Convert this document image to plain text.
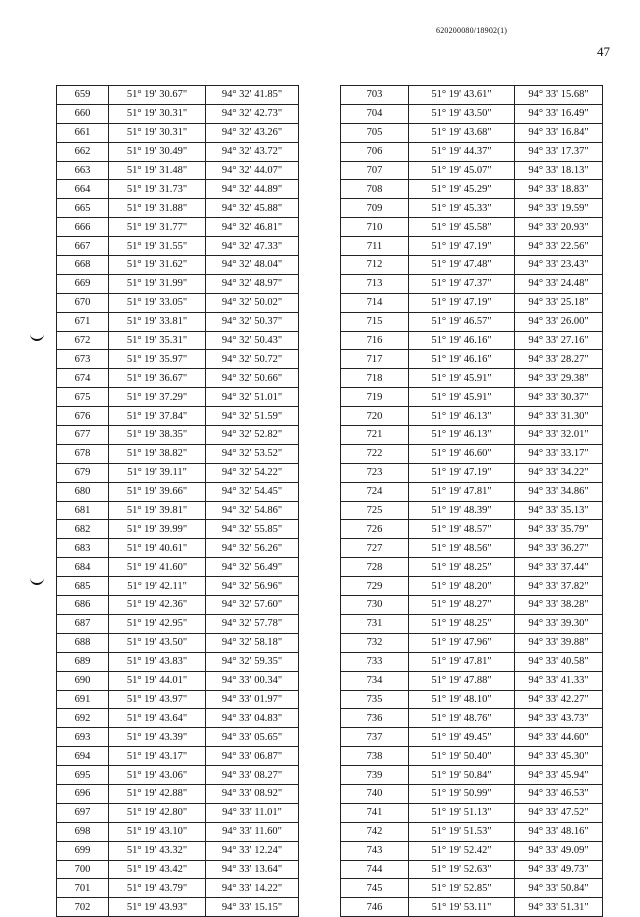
620200080/18902(1)
47
659	51° 19' 30.67"	94° 32' 41.85"
660	51° 19' 30.31"	94° 32' 42.73"
661	51° 19' 30.31"	94° 32' 43.26"
662	51° 19' 30.49"	94° 32' 43.72"
663	51° 19' 31.48"	94° 32' 44.07"
664	51° 19' 31.73"	94° 32' 44.89"
665	51° 19' 31.88"	94° 32' 45.88"
666	51° 19' 31.77"	94° 32' 46.81"
667	51° 19' 31.55"	94° 32' 47.33"
668	51° 19' 31.62"	94° 32' 48.04"
669	51° 19' 31.99"	94° 32' 48.97"
670	51° 19' 33.05"	94° 32' 50.02"
671	51° 19' 33.81"	94° 32' 50.37"
672	51° 19' 35.31"	94° 32' 50.43"
673	51° 19' 35.97"	94° 32' 50.72"
674	51° 19' 36.67"	94° 32' 50.66"
675	51° 19' 37.29"	94° 32' 51.01"
676	51° 19' 37.84"	94° 32' 51.59"
677	51° 19' 38.35"	94° 32' 52.82"
678	51° 19' 38.82"	94° 32' 53.52"
679	51° 19' 39.11"	94° 32' 54.22"
680	51° 19' 39.66"	94° 32' 54.45"
681	51° 19' 39.81"	94° 32' 54.86"
682	51° 19' 39.99"	94° 32' 55.85"
683	51° 19' 40.61"	94° 32' 56.26"
684	51° 19' 41.60"	94° 32' 56.49"
685	51° 19' 42.11"	94° 32' 56.96"
686	51° 19' 42.36"	94° 32' 57.60"
687	51° 19' 42.95"	94° 32' 57.78"
688	51° 19' 43.50"	94° 32' 58.18"
689	51° 19' 43.83"	94° 32' 59.35"
690	51° 19' 44.01"	94° 33' 00.34"
691	51° 19' 43.97"	94° 33' 01.97"
692	51° 19' 43.64"	94° 33' 04.83"
693	51° 19' 43.39"	94° 33' 05.65"
694	51° 19' 43.17"	94° 33' 06.87"
695	51° 19' 43.06"	94° 33' 08.27"
696	51° 19' 42.88"	94° 33' 08.92"
697	51° 19' 42.80"	94° 33' 11.01"
698	51° 19' 43.10"	94° 33' 11.60"
699	51° 19' 43.32"	94° 33' 12.24"
700	51° 19' 43.42"	94° 33' 13.64"
701	51° 19' 43.79"	94° 33' 14.22"
702	51° 19' 43.93"	94° 33' 15.15"
703	51° 19' 43.61"	94° 33' 15.68"
704	51° 19' 43.50"	94° 33' 16.49"
705	51° 19' 43.68"	94° 33' 16.84"
706	51° 19' 44.37"	94° 33' 17.37"
707	51° 19' 45.07"	94° 33' 18.13"
708	51° 19' 45.29"	94° 33' 18.83"
709	51° 19' 45.33"	94° 33' 19.59"
710	51° 19' 45.58"	94° 33' 20.93"
711	51° 19' 47.19"	94° 33' 22.56"
712	51° 19' 47.48"	94° 33' 23.43"
713	51° 19' 47.37"	94° 33' 24.48"
714	51° 19' 47.19"	94° 33' 25.18"
715	51° 19' 46.57"	94° 33' 26.00"
716	51° 19' 46.16"	94° 33' 27.16"
717	51° 19' 46.16"	94° 33' 28.27"
718	51° 19' 45.91"	94° 33' 29.38"
719	51° 19' 45.91"	94° 33' 30.37"
720	51° 19' 46.13"	94° 33' 31.30"
721	51° 19' 46.13"	94° 33' 32.01"
722	51° 19' 46.60"	94° 33' 33.17"
723	51° 19' 47.19"	94° 33' 34.22"
724	51° 19' 47.81"	94° 33' 34.86"
725	51° 19' 48.39"	94° 33' 35.13"
726	51° 19' 48.57"	94° 33' 35.79"
727	51° 19' 48.56"	94° 33' 36.27"
728	51° 19' 48.25"	94° 33' 37.44"
729	51° 19' 48.20"	94° 33' 37.82"
730	51° 19' 48.27"	94° 33' 38.28"
731	51° 19' 48.25"	94° 33' 39.30"
732	51° 19' 47.96"	94° 33' 39.88"
733	51° 19' 47.81"	94° 33' 40.58"
734	51° 19' 47.88"	94° 33' 41.33"
735	51° 19' 48.10"	94° 33' 42.27"
736	51° 19' 48.76"	94° 33' 43.73"
737	51° 19' 49.45"	94° 33' 44.60"
738	51° 19' 50.40"	94° 33' 45.30"
739	51° 19' 50.84"	94° 33' 45.94"
740	51° 19' 50.99"	94° 33' 46.53"
741	51° 19' 51.13"	94° 33' 47.52"
742	51° 19' 51.53"	94° 33' 48.16"
743	51° 19' 52.42"	94° 33' 49.09"
744	51° 19' 52.63"	94° 33' 49.73"
745	51° 19' 52.85"	94° 33' 50.84"
746	51° 19' 53.11"	94° 33' 51.31"
